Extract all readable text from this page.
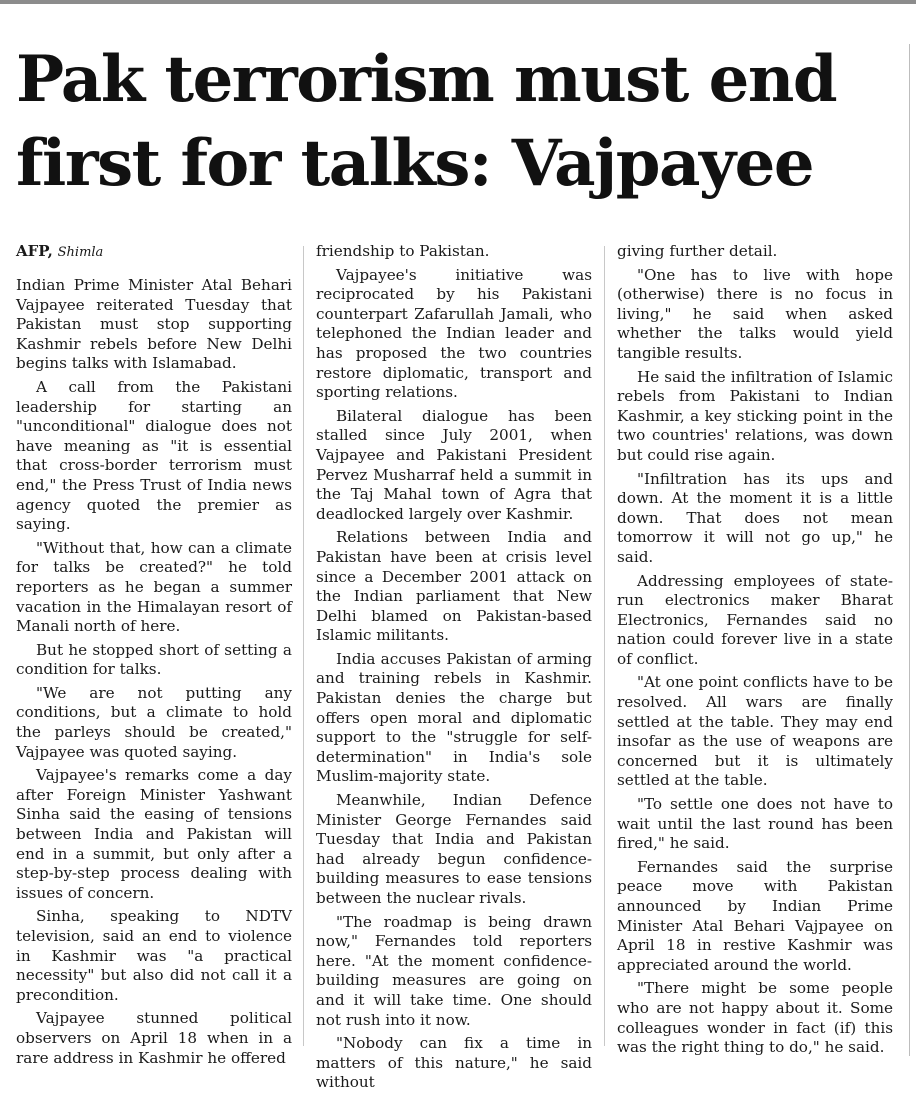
Pak terrorism must end first for talks: Vajpayee
AFP, Shimla

Indian Prime Minister Atal Behari Vajpayee reiterated Tuesday that Pakistan must stop supporting Kashmir rebels before New Delhi begins talks with Islamabad.

A call from the Pakistani leadership for starting an "unconditional" dialogue does not have meaning as "it is essential that cross-border terrorism must end," the Press Trust of India news agency quoted the premier as saying.

"Without that, how can a climate for talks be created?" he told reporters as he began a summer vacation in the Himalayan resort of Manali north of here.

But he stopped short of setting a condition for talks.

"We are not putting any conditions, but a climate to hold the parleys should be created," Vajpayee was quoted saying.

Vajpayee's remarks come a day after Foreign Minister Yashwant Sinha said the easing of tensions between India and Pakistan will end in a summit, but only after a step-by-step process dealing with issues of concern.

Sinha, speaking to NDTV television, said an end to violence in Kashmir was "a practical necessity" but also did not call it a precondition.

Vajpayee stunned political observers on April 18 when in a rare address in Kashmir he offered

friendship to Pakistan.

Vajpayee's initiative was reciprocated by his Pakistani counterpart Zafarullah Jamali, who telephoned the Indian leader and has proposed the two countries restore diplomatic, transport and sporting relations.

Bilateral dialogue has been stalled since July 2001, when Vajpayee and Pakistani President Pervez Musharraf held a summit in the Taj Mahal town of Agra that deadlocked largely over Kashmir.

Relations between India and Pakistan have been at crisis level since a December 2001 attack on the Indian parliament that New Delhi blamed on Pakistan-based Islamic militants.

India accuses Pakistan of arming and training rebels in Kashmir. Pakistan denies the charge but offers open moral and diplomatic support to the "struggle for self-determination" in India's sole Muslim-majority state.

Meanwhile, Indian Defence Minister George Fernandes said Tuesday that India and Pakistan had already begun confidence-building measures to ease tensions between the nuclear rivals.

"The roadmap is being drawn now," Fernandes told reporters here. "At the moment confidence-building measures are going on and it will take time. One should not rush into it now.

"Nobody can fix a time in matters of this nature," he said without

giving further detail.

"One has to live with hope (otherwise) there is no focus in living," he said when asked whether the talks would yield tangible results.

He said the infiltration of Islamic rebels from Pakistani to Indian Kashmir, a key sticking point in the two countries' relations, was down but could rise again.

"Infiltration has its ups and down. At the moment it is a little down. That does not mean tomorrow it will not go up," he said.

Addressing employees of state-run electronics maker Bharat Electronics, Fernandes said no nation could forever live in a state of conflict.

"At one point conflicts have to be resolved. All wars are finally settled at the table. They may end insofar as the use of weapons are concerned but it is ultimately settled at the table.

"To settle one does not have to wait until the last round has been fired," he said.

Fernandes said the surprise peace move with Pakistan announced by Indian Prime Minister Atal Behari Vajpayee on April 18 in restive Kashmir was appreciated around the world.

"There might be some people who are not happy about it. Some colleagues wonder in fact (if) this was the right thing to do," he said.
